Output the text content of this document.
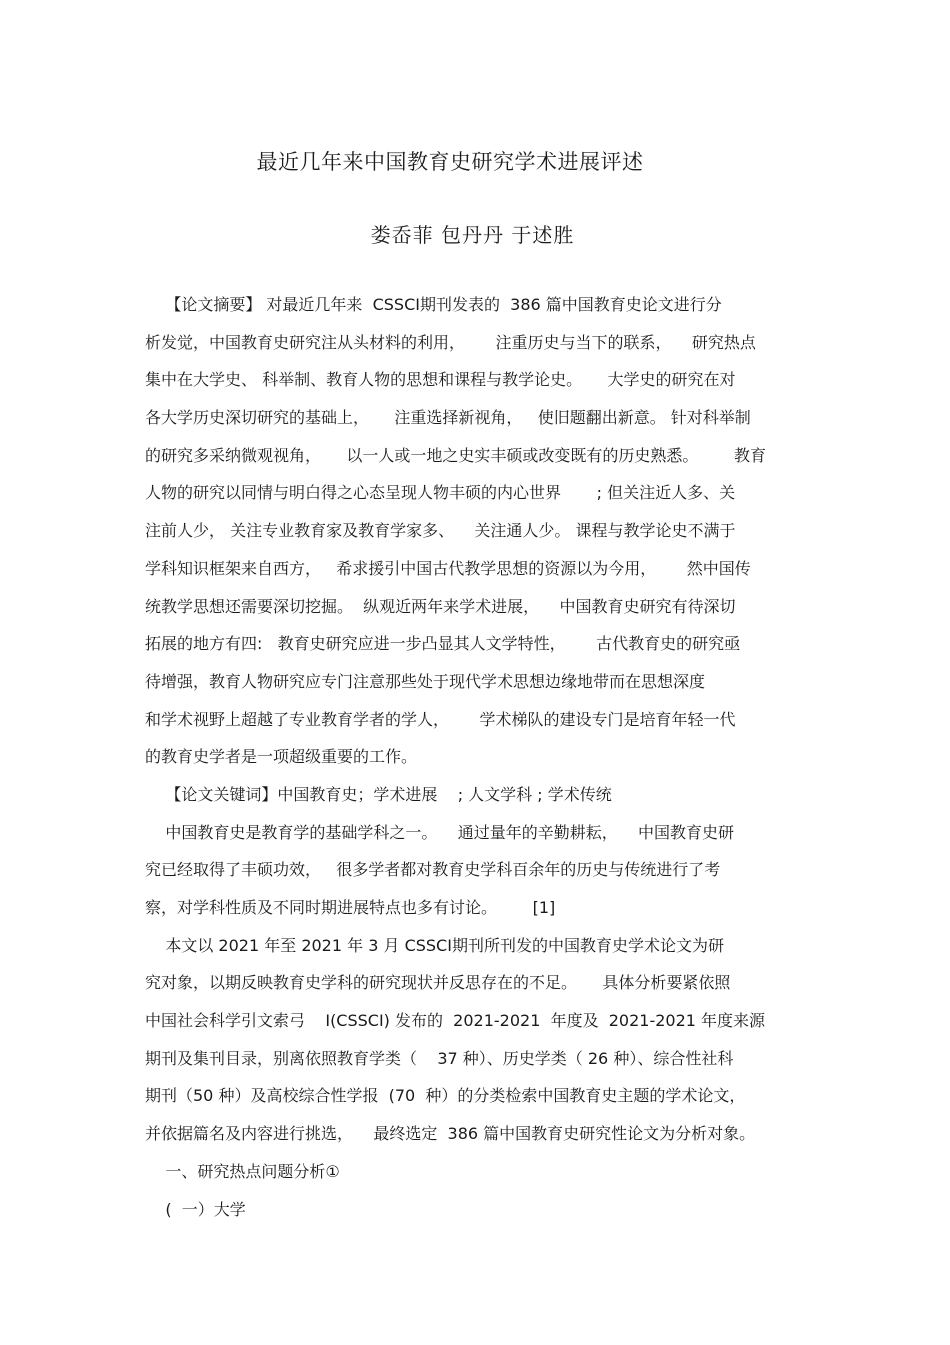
最近几年来中国教育史研究学术进展评述
娄岙菲 包丹丹 于述胜
【论文摘要】 对最近几年来  CSSCI期刊发表的  386 篇中国教育史论文进行分
析发觉，中国教育史研究注从头材料的利用，      注重历史与当下的联系，    研究热点
集中在大学史、 科举制、教育人物的思想和课程与教学论史。     大学史的研究在对
各大学历史深切研究的基础上，     注重选择新视角，   使旧题翻出新意。 针对科举制
的研究多采纳微观视角，     以一人或一地之史实丰硕或改变既有的历史熟悉。       教育
人物的研究以同情与明白得之心态呈现人物丰硕的内心世界       ; 但关注近人多、关
注前人少， 关注专业教育家及教育学家多、    关注通人少。 课程与教学论史不满于
学科知识框架来自西方，   希求援引中国古代教学思想的资源以为今用，      然中国传
统教学思想还需要深切挖掘。  纵观近两年来学术进展，    中国教育史研究有待深切
拓展的地方有四:   教育史研究应进一步凸显其人文学特性，      古代教育史的研究亟
待增强，教育人物研究应专门注意那些处于现代学术思想边缘地带而在思想深度
和学术视野上超越了专业教育学者的学人，      学术梯队的建设专门是培育年轻一代
的教育史学者是一项超级重要的工作。
【论文关键词】中国教育史；学术进展    ; 人文学科 ; 学术传统
中国教育史是教育学的基础学科之一。    通过量年的辛勤耕耘，    中国教育史研
究已经取得了丰硕功效，   很多学者都对教育史学科百余年的历史与传统进行了考
察，对学科性质及不同时期进展特点也多有讨论。       [1]
本文以 2021 年至 2021 年 3 月 CSSCI期刊所刊发的中国教育史学术论文为研
究对象，以期反映教育史学科的研究现状并反思存在的不足。     具体分析要紧依照
中国社会科学引文索弓    I(CSSCI) 发布的  2021-2021  年度及  2021-2021 年度来源
期刊及集刊目录，别离依照教育学类（    37 种）、历史学类（ 26 种）、综合性社科
期刊（50 种）及高校综合性学报  (70  种）的分类检索中国教育史主题的学术论文，
并依据篇名及内容进行挑选，    最终选定  386 篇中国教育史研究性论文为分析对象。
一、研究热点问题分析①
(  一）大学
